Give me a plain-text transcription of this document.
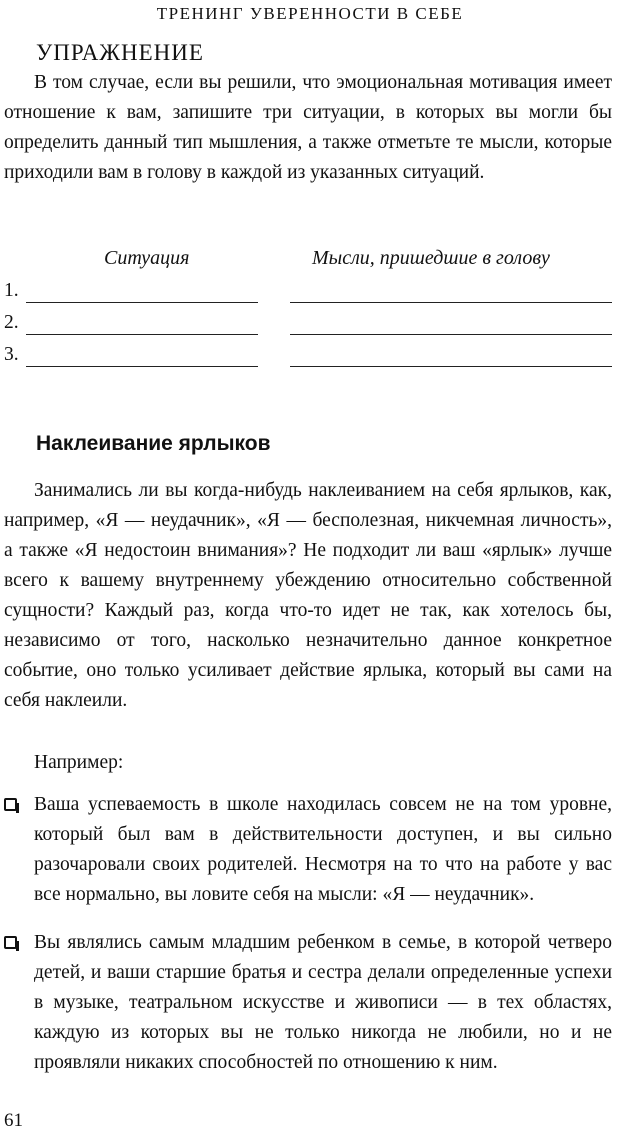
ТРЕНИНГ УВЕРЕННОСТИ В СЕБЕ
УПРАЖНЕНИЕ
В том случае, если вы решили, что эмоциональная мотивация имеет отношение к вам, запишите три ситуации, в которых вы могли бы определить данный тип мышления, а также отметьте те мысли, которые приходили вам в голову в каждой из указанных ситуаций.
Ситуация	Мысли, пришедшие в голову
1.
2.
3.
Наклеивание ярлыков
Занимались ли вы когда-нибудь наклеиванием на себя ярлыков, как, например, «Я — неудачник», «Я — бесполезная, никчемная личность», а также «Я недостоин внимания»? Не подходит ли ваш «ярлык» лучше всего к вашему внутреннему убеждению относительно собственной сущности? Каждый раз, когда что-то идет не так, как хотелось бы, независимо от того, насколько незначительно данное конкретное событие, оно только усиливает действие ярлыка, который вы сами на себя наклеили.
Например:
Ваша успеваемость в школе находилась совсем не на том уровне, который был вам в действительности доступен, и вы сильно разочаровали своих родителей. Несмотря на то что на работе у вас все нормально, вы ловите себя на мысли: «Я — неудачник».
Вы являлись самым младшим ребенком в семье, в которой четверо детей, и ваши старшие братья и сестра делали определенные успехи в музыке, театральном искусстве и живописи — в тех областях, каждую из которых вы не только никогда не любили, но и не проявляли никаких способностей по отношению к ним.
61
